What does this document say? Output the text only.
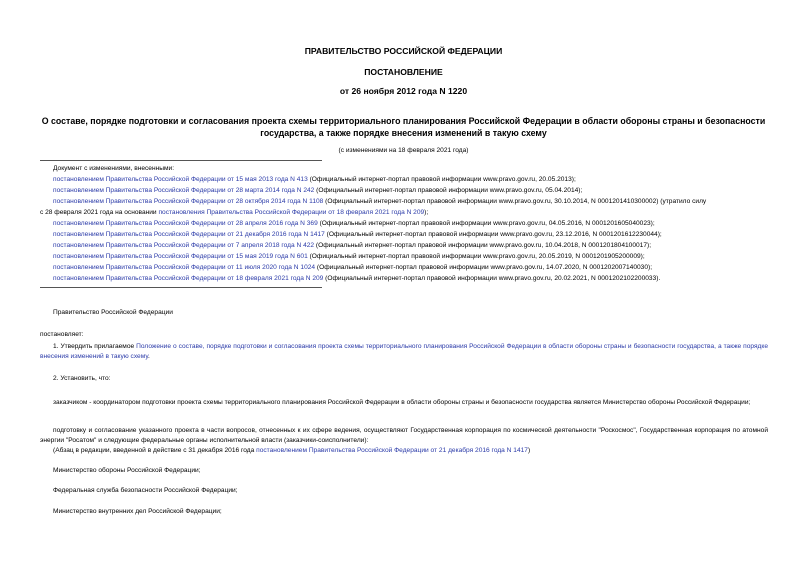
ПРАВИТЕЛЬСТВО РОССИЙСКОЙ ФЕДЕРАЦИИ
ПОСТАНОВЛЕНИЕ
от 26 ноября 2012 года N 1220
О составе, порядке подготовки и согласования проекта схемы территориального планирования Российской Федерации в области обороны страны и безопасности государства, а также порядке внесения изменений в такую схему
(с изменениями на 18 февраля 2021 года)
Документ с изменениями, внесенными:
постановлением Правительства Российской Федерации от 15 мая 2013 года N 413 (Официальный интернет-портал правовой информации www.pravo.gov.ru, 20.05.2013);
постановлением Правительства Российской Федерации от 28 марта 2014 года N 242 (Официальный интернет-портал правовой информации www.pravo.gov.ru, 05.04.2014);
постановлением Правительства Российской Федерации от 28 октября 2014 года N 1108 (Официальный интернет-портал правовой информации www.pravo.gov.ru, 30.10.2014, N 0001201410300002) (утратило силу
с 28 февраля 2021 года на основании постановления Правительства Российской Федерации от 18 февраля 2021 года N 209);
постановлением Правительства Российской Федерации от 28 апреля 2016 года N 369 (Официальный интернет-портал правовой информации www.pravo.gov.ru, 04.05.2016, N 0001201605040023);
постановлением Правительства Российской Федерации от 21 декабря 2016 года N 1417 (Официальный интернет-портал правовой информации www.pravo.gov.ru, 23.12.2016, N 0001201612230044);
постановлением Правительства Российской Федерации от 7 апреля 2018 года N 422 (Официальный интернет-портал правовой информации www.pravo.gov.ru, 10.04.2018, N 0001201804100017);
постановлением Правительства Российской Федерации от 15 мая 2019 года N 601 (Официальный интернет-портал правовой информации www.pravo.gov.ru, 20.05.2019, N 0001201905200009);
постановлением Правительства Российской Федерации от 11 июля 2020 года N 1024 (Официальный интернет-портал правовой информации www.pravo.gov.ru, 14.07.2020, N 0001202007140030);
постановлением Правительства Российской Федерации от 18 февраля 2021 года N 209 (Официальный интернет-портал правовой информации www.pravo.gov.ru, 20.02.2021, N 0001202102200033).
Правительство Российской Федерации
постановляет:
1. Утвердить прилагаемое Положение о составе, порядке подготовки и согласования проекта схемы территориального планирования Российской Федерации в области обороны страны и безопасности государства, а также порядке внесения изменений в такую схему.
2. Установить, что:
заказчиком - координатором подготовки проекта схемы территориального планирования Российской Федерации в области обороны страны и безопасности государства является Министерство обороны Российской Федерации;
подготовку и согласование указанного проекта в части вопросов, отнесенных к их сфере ведения, осуществляют Государственная корпорация по космической деятельности "Роскосмос", Государственная корпорация по атомной энергии "Росатом" и следующие федеральные органы исполнительной власти (заказчики-соисполнители):
(Абзац в редакции, введенной в действие с 31 декабря 2016 года постановлением Правительства Российской Федерации от 21 декабря 2016 года N 1417)
Министерство обороны Российской Федерации;
Федеральная служба безопасности Российской Федерации;
Министерство внутренних дел Российской Федерации;
